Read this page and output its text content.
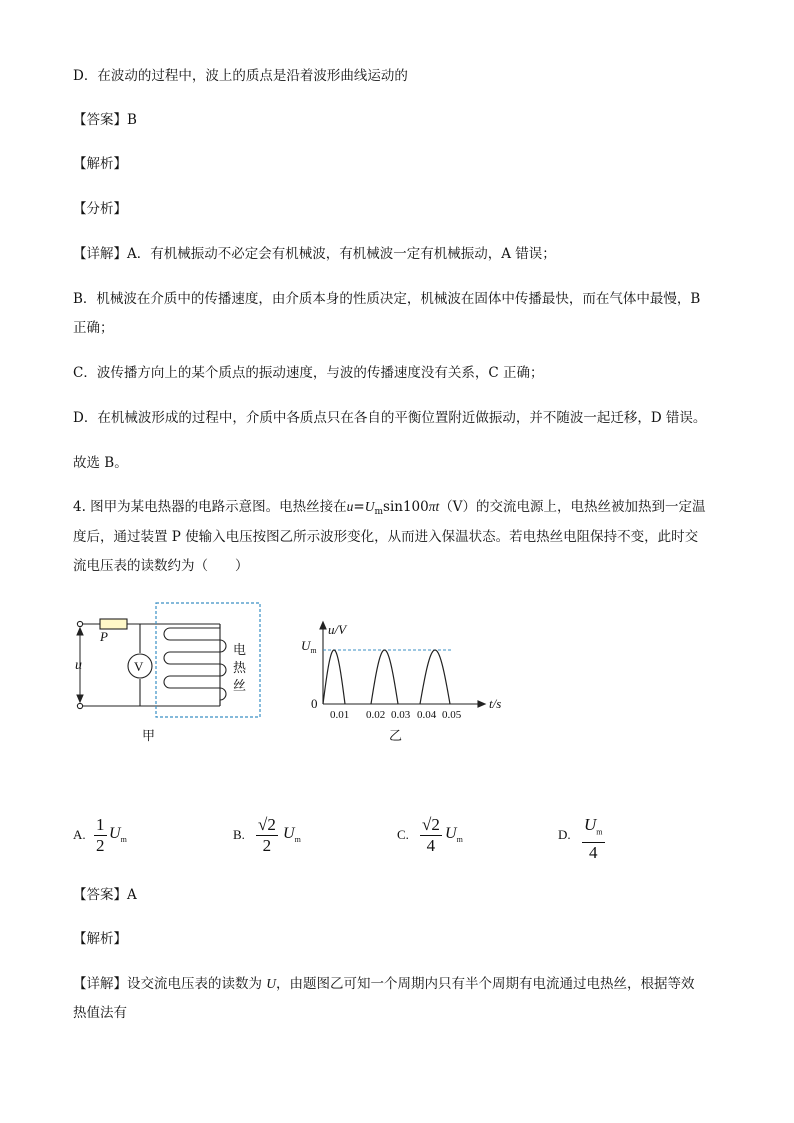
D．在波动的过程中，波上的质点是沿着波形曲线运动的
【答案】B
【解析】
【分析】
【详解】A．有机械振动不必定会有机械波，有机械波一定有机械振动，A 错误；
B．机械波在介质中的传播速度，由介质本身的性质决定，机械波在固体中传播最快，而在气体中最慢，B
正确；
C．波传播方向上的某个质点的振动速度，与波的传播速度没有关系，C 正确；
D．在机械波形成的过程中，介质中各质点只在各自的平衡位置附近做振动，并不随波一起迁移，D 错误。
故选 B。
4. 图甲为某电热器的电路示意图。电热丝接在$u=U_m\sin 100\pi t(V)$的交流电源上，电热丝被加热到一定温
度后，通过装置 P 使输入电压按图乙所示波形变化，从而进入保温状态。若电热丝电阻保持不变，此时交
流电压表的读数约为（　　）
u
P
V
电
热
丝
甲
u/V
$U_m$
0
0.01 0.02 0.03 0.04 0.05
t/s
乙
A.
1
2
$U_m$	B.
√2
2
$U_m$	C.
√2
4
$U_m$	D.
$U_m$
4
【答案】A
【解析】
【详解】设交流电压表的读数为 U，由题图乙可知一个周期内只有半个周期有电流通过电热丝，根据等效
热值法有
